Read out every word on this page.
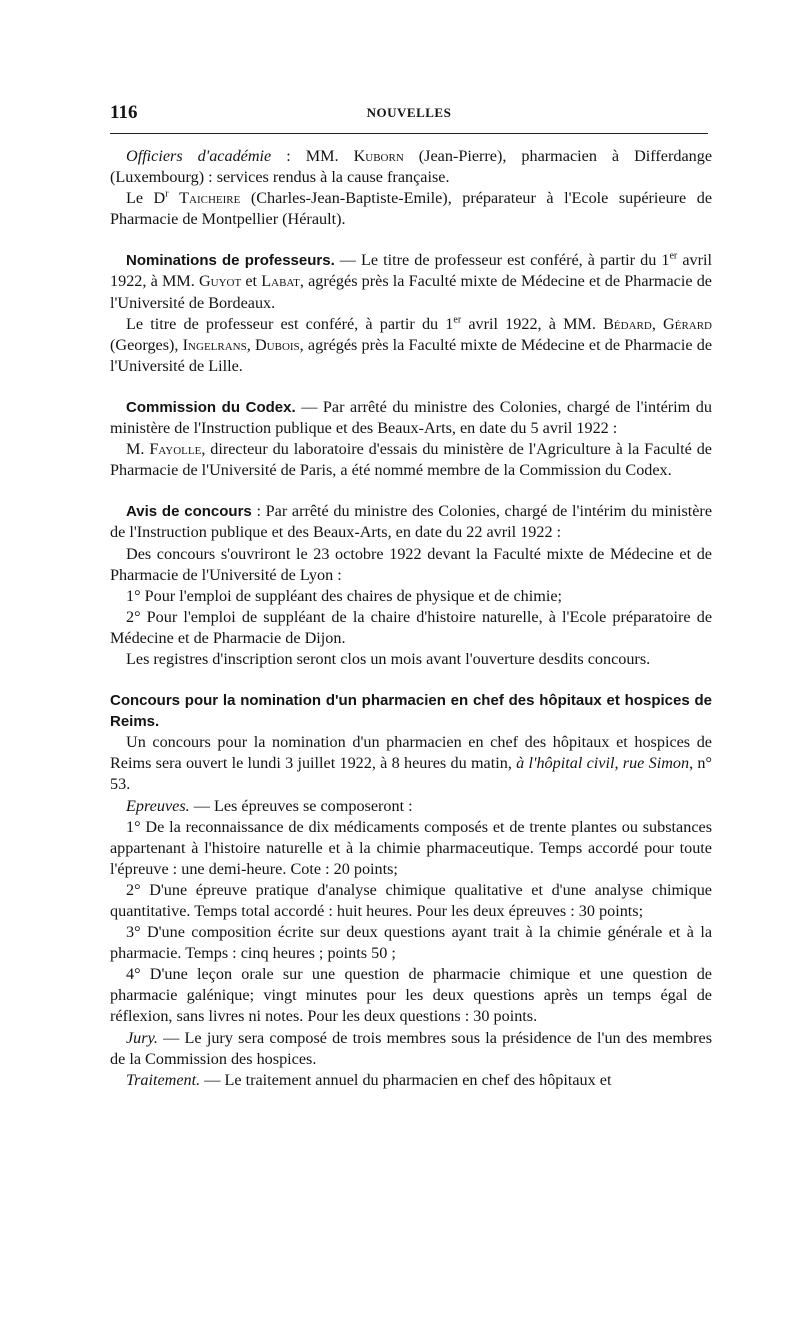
116	NOUVELLES

Officiers d'académie : MM. Kuborn (Jean-Pierre), pharmacien à Differdange (Luxembourg) : services rendus à la cause française.

Le $D^r$ Taicheire (Charles-Jean-Baptiste-Emile), préparateur à l'Ecole supérieure de Pharmacie de Montpellier (Hérault).

Nominations de professeurs. — Le titre de professeur est conféré, à partir du 1er avril 1922, à MM. Guyot et Labat, agrégés près la Faculté mixte de Médecine et de Pharmacie de l'Université de Bordeaux.

Le titre de professeur est conféré, à partir du 1er avril 1922, à MM. Bédard, Gérard (Georges), Ingelrans, Dubois, agrégés près la Faculté mixte de Médecine et de Pharmacie de l'Université de Lille.

Commission du Codex. — Par arrêté du ministre des Colonies, chargé de l'intérim du ministère de l'Instruction publique et des Beaux-Arts, en date du 5 avril 1922 :

M. Fayolle, directeur du laboratoire d'essais du ministère de l'Agriculture à la Faculté de Pharmacie de l'Université de Paris, a été nommé membre de la Commission du Codex.

Avis de concours : Par arrêté du ministre des Colonies, chargé de l'intérim du ministère de l'Instruction publique et des Beaux-Arts, en date du 22 avril 1922 :

Des concours s'ouvriront le 23 octobre 1922 devant la Faculté mixte de Médecine et de Pharmacie de l'Université de Lyon :

1° Pour l'emploi de suppléant des chaires de physique et de chimie;

2° Pour l'emploi de suppléant de la chaire d'histoire naturelle, à l'Ecole préparatoire de Médecine et de Pharmacie de Dijon.

Les registres d'inscription seront clos un mois avant l'ouverture desdits concours.

Concours pour la nomination d'un pharmacien en chef des hôpitaux et hospices de Reims.

Un concours pour la nomination d'un pharmacien en chef des hôpitaux et hospices de Reims sera ouvert le lundi 3 juillet 1922, à 8 heures du matin, à l'hôpital civil, rue Simon, n° 53.

Epreuves. — Les épreuves se composeront :

1° De la reconnaissance de dix médicaments composés et de trente plantes ou substances appartenant à l'histoire naturelle et à la chimie pharmaceutique. Temps accordé pour toute l'épreuve : une demi-heure. Cote : 20 points;

2° D'une épreuve pratique d'analyse chimique qualitative et d'une analyse chimique quantitative. Temps total accordé : huit heures. Pour les deux épreuves : 30 points;

3° D'une composition écrite sur deux questions ayant trait à la chimie générale et à la pharmacie. Temps : cinq heures ; points 50 ;

4° D'une leçon orale sur une question de pharmacie chimique et une question de pharmacie galénique; vingt minutes pour les deux questions après un temps égal de réflexion, sans livres ni notes. Pour les deux questions : 30 points.

Jury. — Le jury sera composé de trois membres sous la présidence de l'un des membres de la Commission des hospices.

Traitement. — Le traitement annuel du pharmacien en chef des hôpitaux et
